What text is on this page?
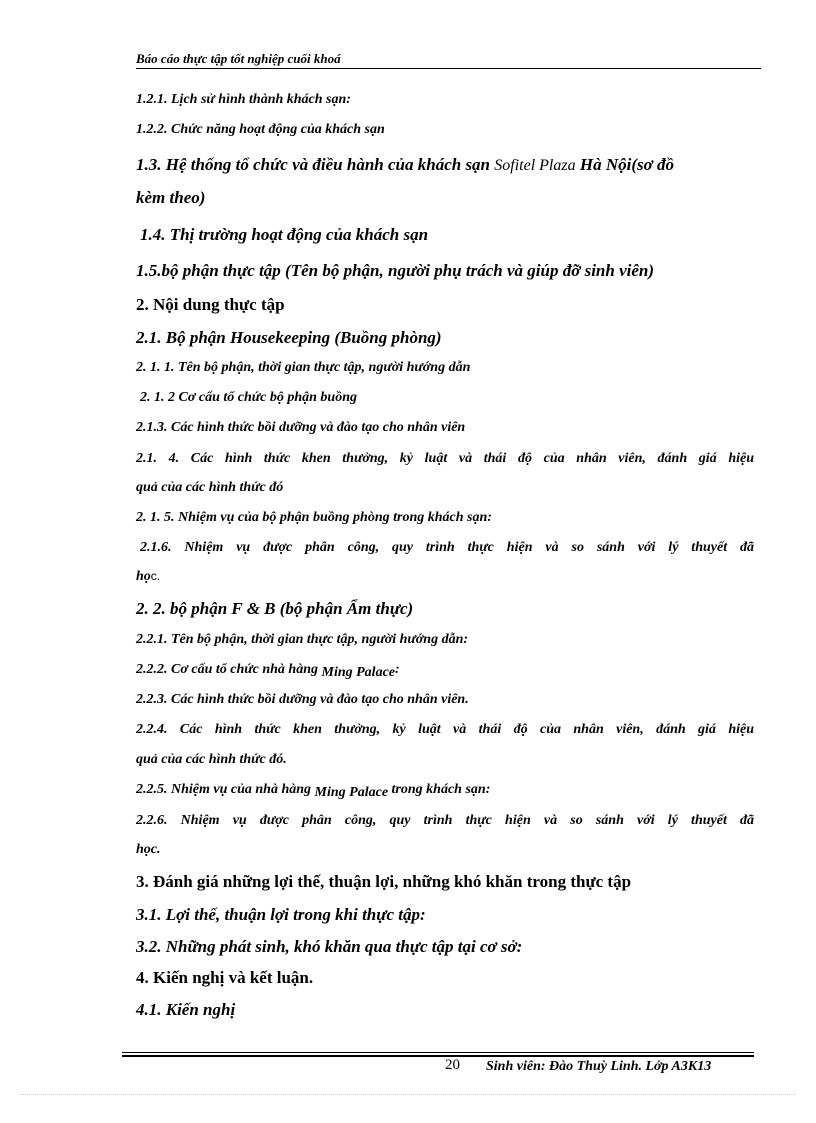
Báo cáo thực tập tốt nghiệp cuối khoá
1.2.1. Lịch sử hình thành khách sạn:
1.2.2. Chức năng hoạt động của khách sạn
1.3. Hệ thống tổ chức và điều hành của khách sạn Sofitel Plaza Hà Nội(sơ đồ
kèm theo)
1.4. Thị trường hoạt động của khách sạn
1.5.bộ phận thực tập (Tên bộ phận, người phụ trách và giúp đỡ sinh viên)
2. Nội dung thực tập
2.1. Bộ phận Housekeeping (Buồng phòng)
2. 1. 1. Tên bộ phận, thời gian thực tập, người hướng dẫn
2. 1. 2 Cơ cấu tổ chức bộ phận buồng
2.1.3. Các hình thức bồi dưỡng và đào tạo cho nhân viên
2.1. 4. Các hình thức khen thưởng, kỷ luật và thái độ của nhân viên, đánh giá hiệu
quả của các hình thức đó
2. 1. 5. Nhiệm vụ của bộ phận buồng phòng trong khách sạn:
2.1.6. Nhiệm vụ được phân công, quy trình thực hiện và so sánh với lý thuyết đã
học.
2. 2. bộ phận F & B (bộ phận Ẩm thực)
2.2.1. Tên bộ phận, thời gian thực tập, người hướng dẫn:
2.2.2. Cơ cấu tổ chức nhà hàng Ming Palace:
2.2.3. Các hình thức bồi dưỡng và đào tạo cho nhân viên.
2.2.4. Các hình thức khen thưởng, kỷ luật và thái độ của nhân viên, đánh giá hiệu
quả của các hình thức đó.
2.2.5. Nhiệm vụ của nhà hàng Ming Palace trong khách sạn:
2.2.6. Nhiệm vụ được phân công, quy trình thực hiện và so sánh với lý thuyết đã
học.
3. Đánh giá những lợi thế, thuận lợi, những khó khăn trong thực tập
3.1. Lợi thế, thuận lợi trong khi thực tập:
3.2. Những phát sinh, khó khăn qua thực tập tại cơ sở:
4. Kiến nghị và kết luận.
4.1. Kiến nghị
20 Sinh viên: Đào Thuỳ Linh. Lớp A3K13
